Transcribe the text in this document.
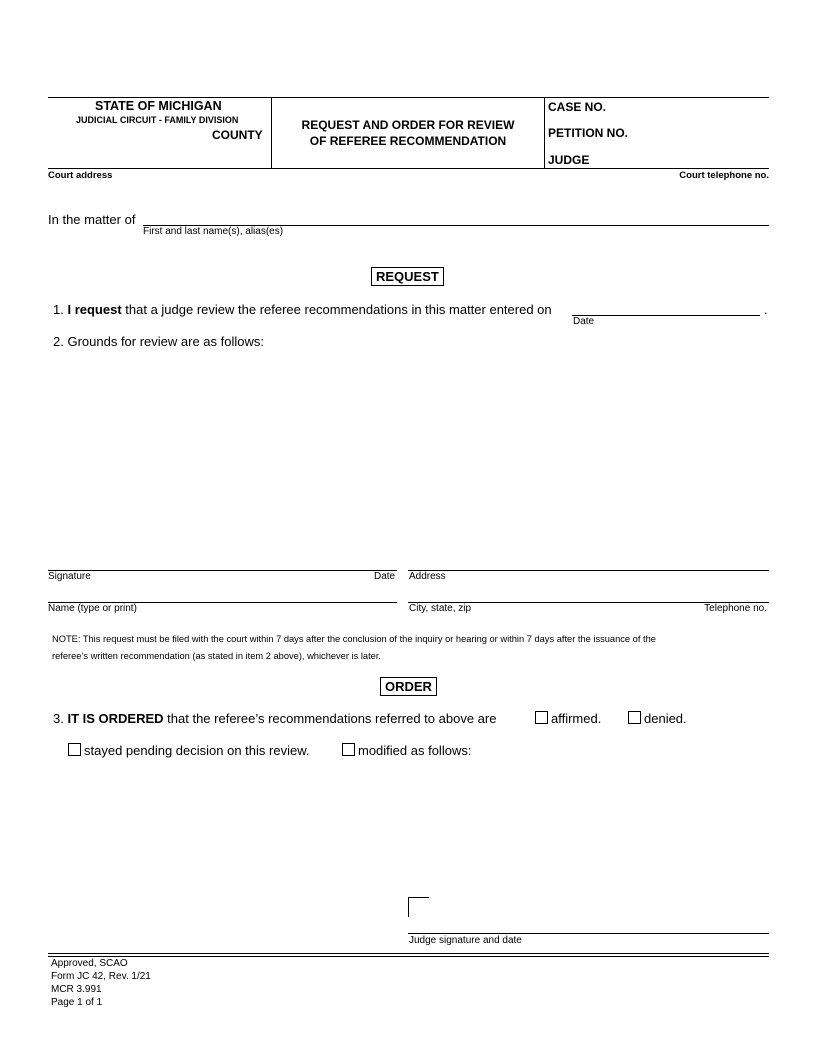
STATE OF MICHIGAN
JUDICIAL CIRCUIT - FAMILY DIVISION
COUNTY
REQUEST AND ORDER FOR REVIEW
OF REFEREE RECOMMENDATION
CASE NO.
PETITION NO.
JUDGE
Court address	Court telephone no.
In the matter of
First and last name(s), alias(es)
REQUEST
1. I request that a judge review the referee recommendations in this matter entered on	.
Date
2. Grounds for review are as follows:
Signature	Date Address
Name (type or print)	City, state, zip	Telephone no.
NOTE: This request must be filed with the court within 7 days after the conclusion of the inquiry or hearing or within 7 days after the issuance of the
referee’s written recommendation (as stated in item 2 above), whichever is later.
ORDER
3. IT IS ORDERED that the referee’s recommendations referred to above are	affirmed.	denied.
stayed pending decision on this review.	modified as follows:
Judge signature and date
Approved, SCAO
Form JC 42, Rev. 1/21
MCR 3.991
Page 1 of 1
